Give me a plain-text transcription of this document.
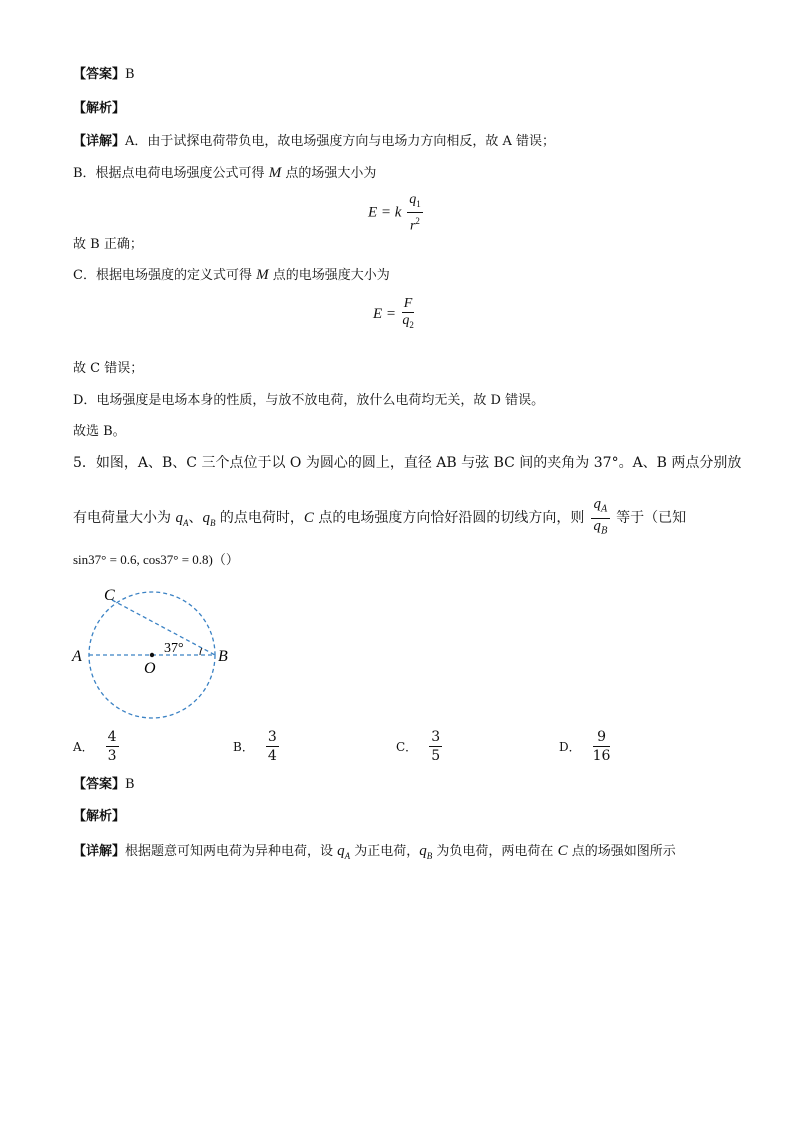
【答案】B
【解析】
【详解】A．由于试探电荷带负电，故电场强度方向与电场力方向相反，故 A 错误；
B．根据点电荷电场强度公式可得 M 点的场强大小为
E = k $\frac{q_1}{r^2}$
故 B 正确；
C．根据电场强度的定义式可得 M 点的电场强度大小为
$E = \frac{F}{q_2}$
故 C 错误；
D．电场强度是电场本身的性质，与放不放电荷，放什么电荷均无关，故 D 错误。
故选 B。
5．如图，A、B、C 三个点位于以 O 为圆心的圆上，直径 AB 与弦 BC 间的夹角为 37°。A、B 两点分别放
有电荷量大小为 $q_A$、$q_B$ 的点电荷时，C 点的电场强度方向恰好沿圆的切线方向，则 $\frac{q_A}{q_B}$ 等于（已知
sin37° = 0.6, cos37° = 0.8)（）
A	B
C
O
37°
A． $\frac{4}{3}$	B． $\frac{3}{4}$	C． $\frac{3}{5}$	D． $\frac{9}{16}$
【答案】B
【解析】
【详解】根据题意可知两电荷为异种电荷，设 $q_A$ 为正电荷，$q_B$ 为负电荷，两电荷在 C 点的场强如图所示
